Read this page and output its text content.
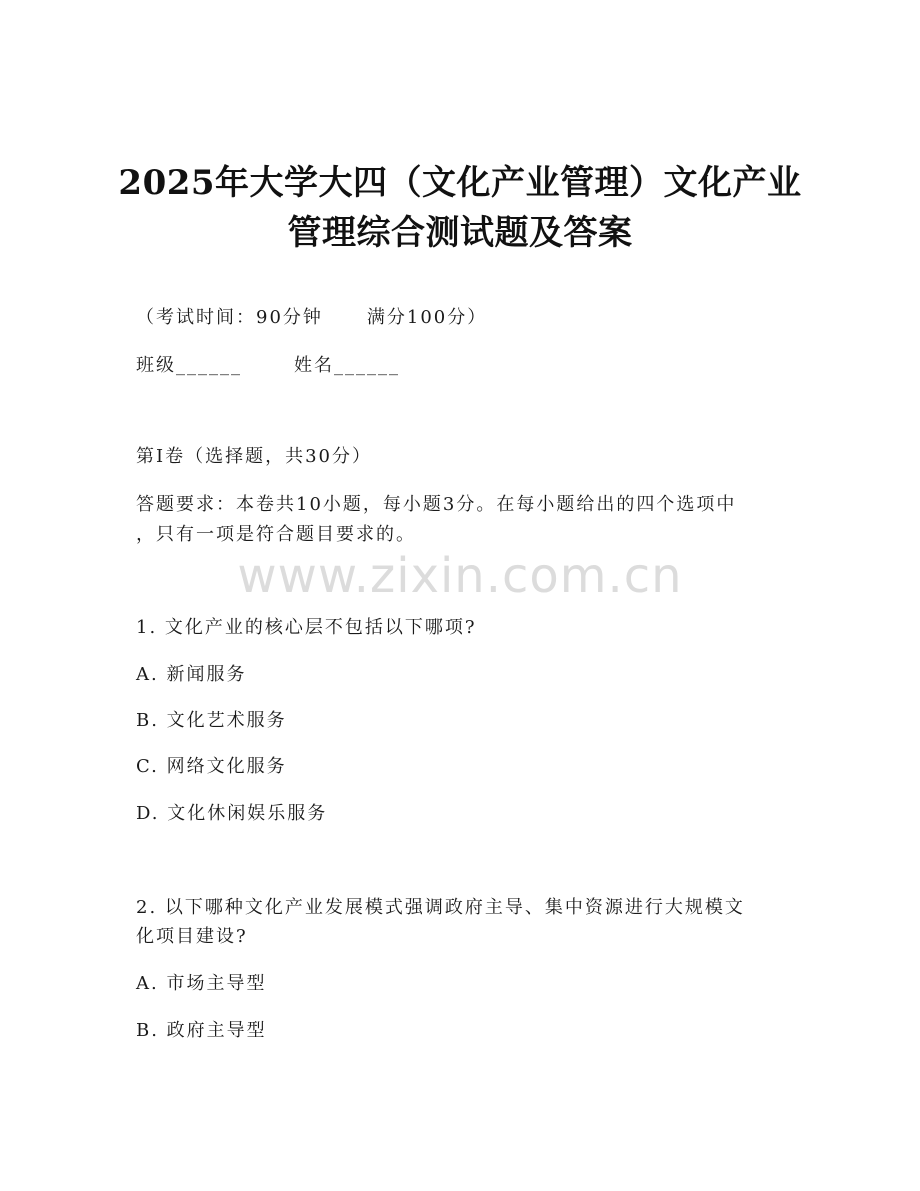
2025年大学大四（文化产业管理）文化产业
管理综合测试题及答案
（考试时间：90分钟 满分100分）
班级______	姓名______
第I卷（选择题，共30分）
答题要求：本卷共10小题，每小题3分。在每小题给出的四个选项中
，只有一项是符合题目要求的。
www.zixin.com.cn
1. 文化产业的核心层不包括以下哪项?
A. 新闻服务
B. 文化艺术服务
C. 网络文化服务
D. 文化休闲娱乐服务
2. 以下哪种文化产业发展模式强调政府主导、集中资源进行大规模文
化项目建设?
A. 市场主导型
B. 政府主导型
